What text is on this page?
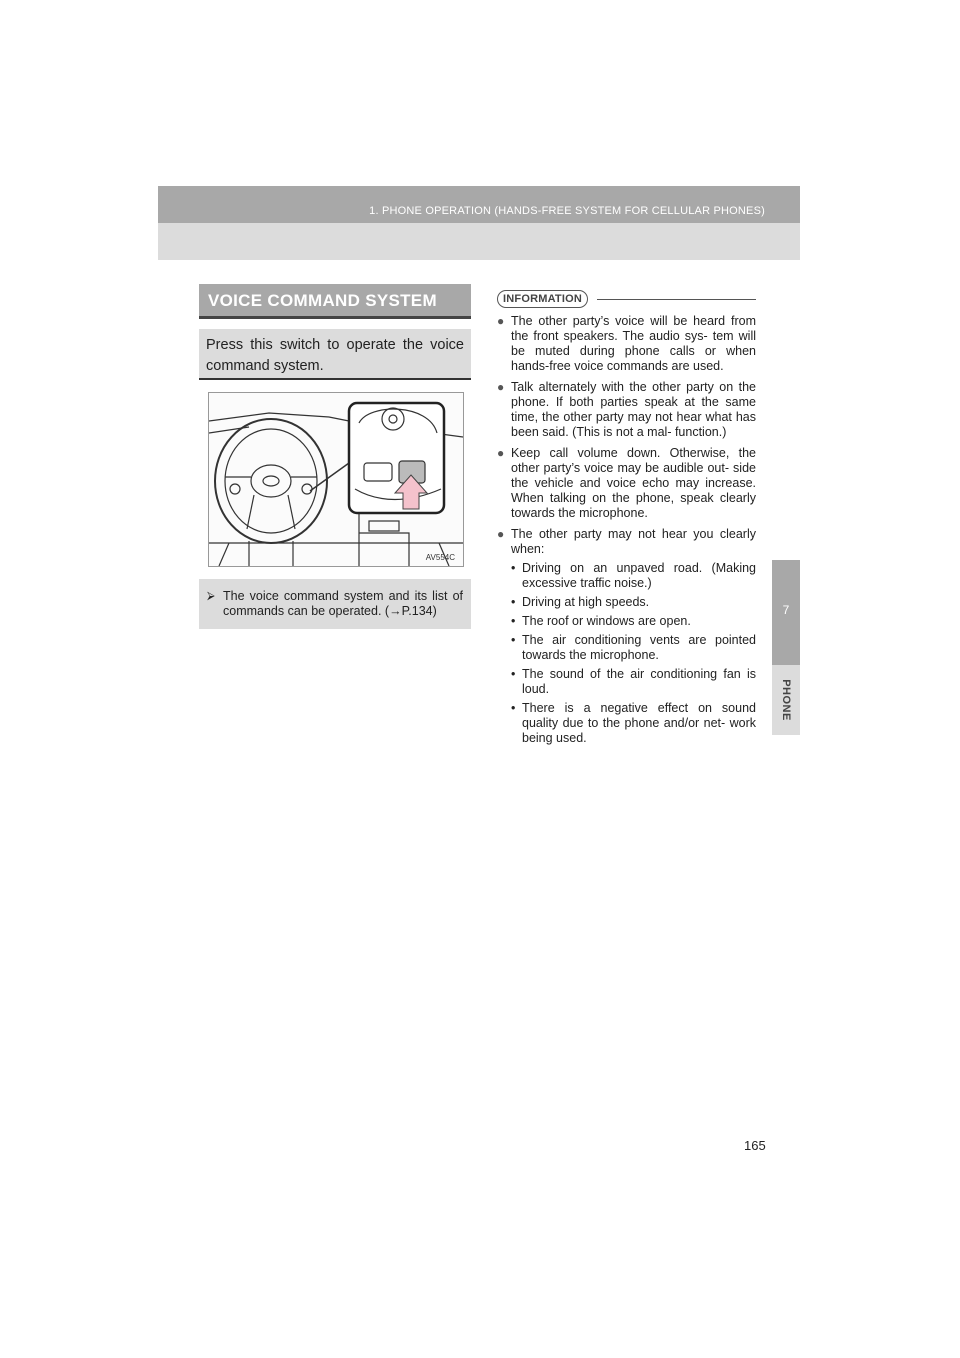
1. PHONE OPERATION (HANDS-FREE SYSTEM FOR CELLULAR PHONES)
7
PHONE
VOICE COMMAND SYSTEM
Press this switch to operate the voice command system.
AV554C
⮚ The voice command system and its list of commands can be operated. (→P.134)
INFORMATION
● The other party’s voice will be heard from the front speakers. The audio sys- tem will be muted during phone calls or when hands-free voice commands are used.
● Talk alternately with the other party on the phone. If both parties speak at the same time, the other party may not hear what has been said. (This is not a mal- function.)
● Keep call volume down. Otherwise, the other party’s voice may be audible out- side the vehicle and voice echo may increase. When talking on the phone, speak clearly towards the microphone.
● The other party may not hear you clearly when:
• Driving on an unpaved road. (Making excessive traffic noise.)
• Driving at high speeds.
• The roof or windows are open.
• The air conditioning vents are pointed towards the microphone.
• The sound of the air conditioning fan is loud.
• There is a negative effect on sound quality due to the phone and/or net- work being used.
165
